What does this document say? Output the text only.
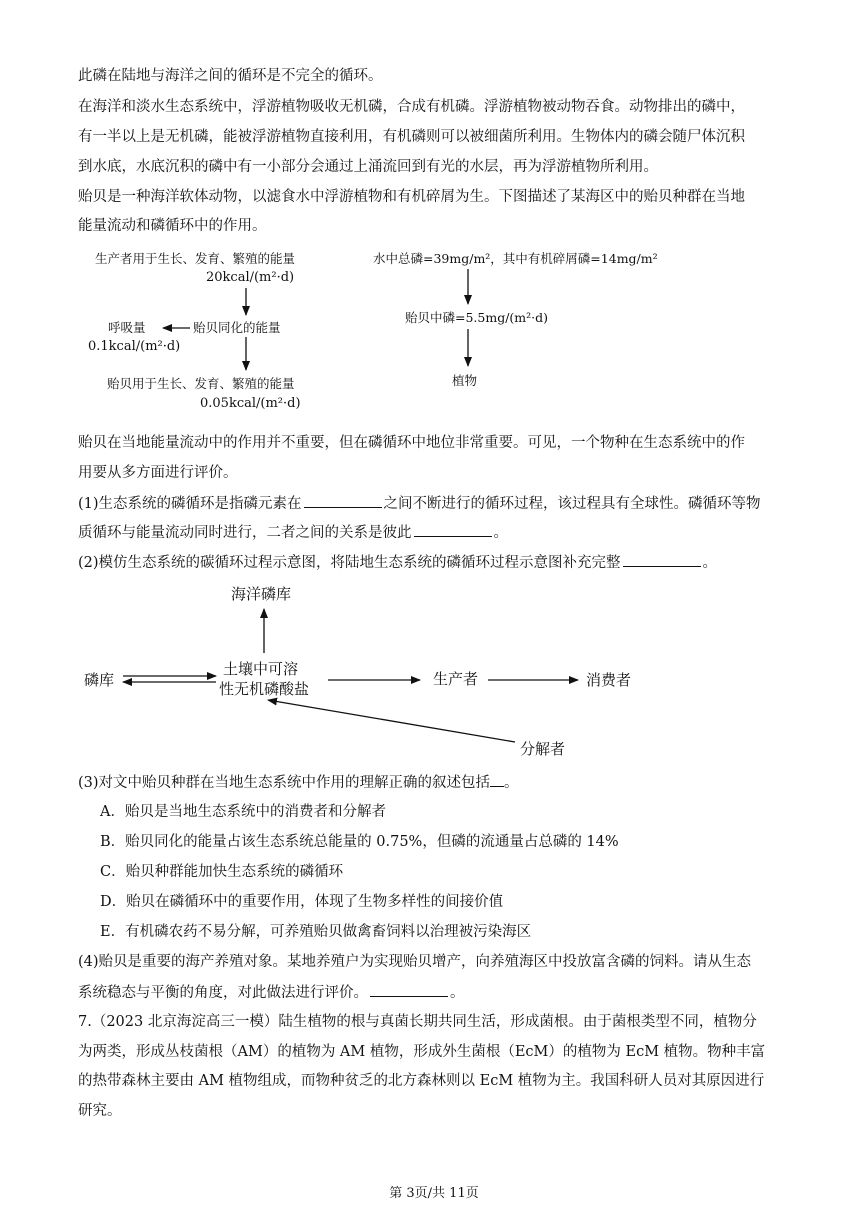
此磷在陆地与海洋之间的循环是不完全的循环。
在海洋和淡水生态系统中，浮游植物吸收无机磷，合成有机磷。浮游植物被动物吞食。动物排出的磷中，
有一半以上是无机磷，能被浮游植物直接利用，有机磷则可以被细菌所利用。生物体内的磷会随尸体沉积
到水底，水底沉积的磷中有一小部分会通过上涌流回到有光的水层，再为浮游植物所利用。
贻贝是一种海洋软体动物，以滤食水中浮游植物和有机碎屑为生。下图描述了某海区中的贻贝种群在当地
能量流动和磷循环中的作用。
生产者用于生长、发育、繁殖的能量
20kcal/(m²·d)
呼吸量
0.1kcal/(m²·d)
贻贝同化的能量
贻贝用于生长、发育、繁殖的能量
0.05kcal/(m²·d)
水中总磷=39mg/m²，其中有机碎屑磷=14mg/m²
贻贝中磷=5.5mg/(m²·d)
植物
贻贝在当地能量流动中的作用并不重要，但在磷循环中地位非常重要。可见，一个物种在生态系统中的作
用要从多方面进行评价。
(1)生态系统的磷循环是指磷元素在	之间不断进行的循环过程，该过程具有全球性。磷循环等物
质循环与能量流动同时进行，二者之间的关系是彼此	。
(2)模仿生态系统的碳循环过程示意图，将陆地生态系统的磷循环过程示意图补充完整	。
海洋磷库
磷库
土壤中可溶
性无机磷酸盐
生产者	消费者
分解者
(3)对文中贻贝种群在当地生态系统中作用的理解正确的叙述包括 。
A．贻贝是当地生态系统中的消费者和分解者
B．贻贝同化的能量占该生态系统总能量的 0.75%，但磷的流通量占总磷的 14%
C．贻贝种群能加快生态系统的磷循环
D．贻贝在磷循环中的重要作用，体现了生物多样性的间接价值
E．有机磷农药不易分解，可养殖贻贝做禽畜饲料以治理被污染海区
(4)贻贝是重要的海产养殖对象。某地养殖户为实现贻贝增产，向养殖海区中投放富含磷的饲料。请从生态
系统稳态与平衡的角度，对此做法进行评价。	。
7.（2023 北京海淀高三一模）陆生植物的根与真菌长期共同生活，形成菌根。由于菌根类型不同，植物分
为两类，形成丛枝菌根（AM）的植物为 AM 植物，形成外生菌根（EcM）的植物为 EcM 植物。物种丰富
的热带森林主要由 AM 植物组成，而物种贫乏的北方森林则以 EcM 植物为主。我国科研人员对其原因进行
研究。
第 3页/共 11页
